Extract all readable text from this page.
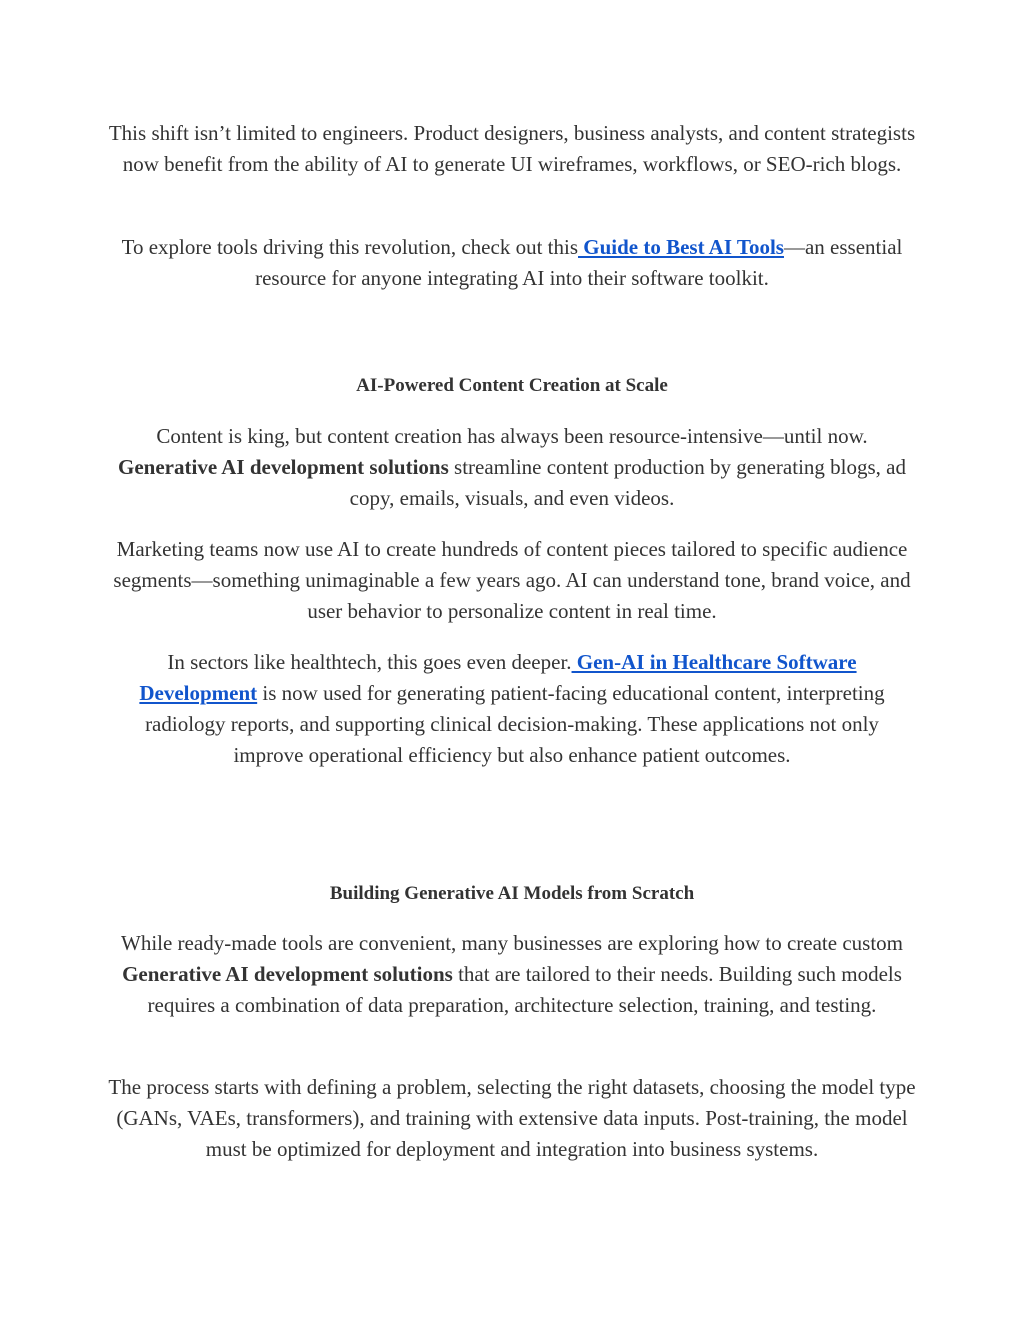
This shift isn’t limited to engineers. Product designers, business analysts, and content strategists now benefit from the ability of AI to generate UI wireframes, workflows, or SEO-rich blogs.

To explore tools driving this revolution, check out this Guide to Best AI Tools—an essential resource for anyone integrating AI into their software toolkit.

AI-Powered Content Creation at Scale

Content is king, but content creation has always been resource-intensive—until now. Generative AI development solutions streamline content production by generating blogs, ad copy, emails, visuals, and even videos.

Marketing teams now use AI to create hundreds of content pieces tailored to specific audience segments—something unimaginable a few years ago. AI can understand tone, brand voice, and user behavior to personalize content in real time.

In sectors like healthtech, this goes even deeper. Gen-AI in Healthcare Software Development is now used for generating patient-facing educational content, interpreting radiology reports, and supporting clinical decision-making. These applications not only improve operational efficiency but also enhance patient outcomes.

Building Generative AI Models from Scratch

While ready-made tools are convenient, many businesses are exploring how to create custom Generative AI development solutions that are tailored to their needs. Building such models requires a combination of data preparation, architecture selection, training, and testing.

The process starts with defining a problem, selecting the right datasets, choosing the model type (GANs, VAEs, transformers), and training with extensive data inputs. Post-training, the model must be optimized for deployment and integration into business systems.
